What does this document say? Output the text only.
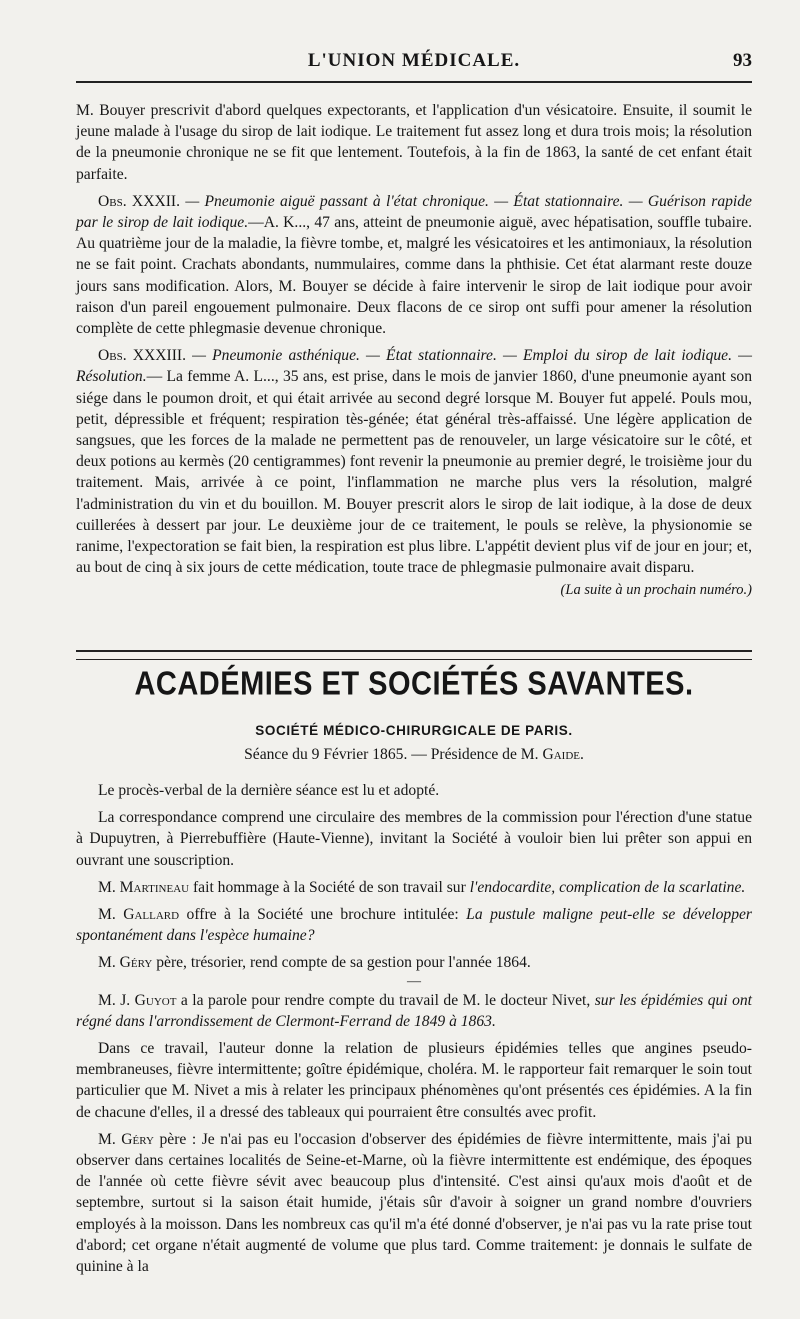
L'UNION MÉDICALE.	93

M. Bouyer prescrivit d'abord quelques expectorants, et l'application d'un vésicatoire. Ensuite, il soumit le jeune malade à l'usage du sirop de lait iodique. Le traitement fut assez long et dura trois mois; la résolution de la pneumonie chronique ne se fit que lentement. Toutefois, à la fin de 1863, la santé de cet enfant était parfaite.

Obs. XXXII. — Pneumonie aiguë passant à l'état chronique. — État stationnaire. — Guérison rapide par le sirop de lait iodique.—A. K..., 47 ans, atteint de pneumonie aiguë, avec hépatisation, souffle tubaire. Au quatrième jour de la maladie, la fièvre tombe, et, malgré les vésicatoires et les antimoniaux, la résolution ne se fait point. Crachats abondants, nummulaires, comme dans la phthisie. Cet état alarmant reste douze jours sans modification. Alors, M. Bouyer se décide à faire intervenir le sirop de lait iodique pour avoir raison d'un pareil engouement pulmonaire. Deux flacons de ce sirop ont suffi pour amener la résolution complète de cette phlegmasie devenue chronique.

Obs. XXXIII. — Pneumonie asthénique. — État stationnaire. — Emploi du sirop de lait iodique. — Résolution.— La femme A. L..., 35 ans, est prise, dans le mois de janvier 1860, d'une pneumonie ayant son siége dans le poumon droit, et qui était arrivée au second degré lorsque M. Bouyer fut appelé. Pouls mou, petit, dépressible et fréquent; respiration tès-génée; état général très-affaissé. Une légère application de sangsues, que les forces de la malade ne permettent pas de renouveler, un large vésicatoire sur le côté, et deux potions au kermès (20 centigrammes) font revenir la pneumonie au premier degré, le troisième jour du traitement. Mais, arrivée à ce point, l'inflammation ne marche plus vers la résolution, malgré l'administration du vin et du bouillon. M. Bouyer prescrit alors le sirop de lait iodique, à la dose de deux cuillerées à dessert par jour. Le deuxième jour de ce traitement, le pouls se relève, la physionomie se ranime, l'expectoration se fait bien, la respiration est plus libre. L'appétit devient plus vif de jour en jour; et, au bout de cinq à six jours de cette médication, toute trace de phlegmasie pulmonaire avait disparu.

(La suite à un prochain numéro.)

ACADÉMIES ET SOCIÉTÉS SAVANTES.
SOCIÉTÉ MÉDICO-CHIRURGICALE DE PARIS.
Séance du 9 Février 1865. — Présidence de M. Gaide.

Le procès-verbal de la dernière séance est lu et adopté.

La correspondance comprend une circulaire des membres de la commission pour l'érection d'une statue à Dupuytren, à Pierrebuffière (Haute-Vienne), invitant la Société à vouloir bien lui prêter son appui en ouvrant une souscription.

M. Martineau fait hommage à la Société de son travail sur l'endocardite, complication de la scarlatine.

M. Gallard offre à la Société une brochure intitulée: La pustule maligne peut-elle se développer spontanément dans l'espèce humaine?

M. Géry père, trésorier, rend compte de sa gestion pour l'année 1864.

—

M. J. Guyot a la parole pour rendre compte du travail de M. le docteur Nivet, sur les épidémies qui ont régné dans l'arrondissement de Clermont-Ferrand de 1849 à 1863.

Dans ce travail, l'auteur donne la relation de plusieurs épidémies telles que angines pseudo-membraneuses, fièvre intermittente; goître épidémique, choléra. M. le rapporteur fait remarquer le soin tout particulier que M. Nivet a mis à relater les principaux phénomènes qu'ont présentés ces épidémies. A la fin de chacune d'elles, il a dressé des tableaux qui pourraient être consultés avec profit.

M. Géry père : Je n'ai pas eu l'occasion d'observer des épidémies de fièvre intermittente, mais j'ai pu observer dans certaines localités de Seine-et-Marne, où la fièvre intermittente est endémique, des époques de l'année où cette fièvre sévit avec beaucoup plus d'intensité. C'est ainsi qu'aux mois d'août et de septembre, surtout si la saison était humide, j'étais sûr d'avoir à soigner un grand nombre d'ouvriers employés à la moisson. Dans les nombreux cas qu'il m'a été donné d'observer, je n'ai pas vu la rate prise tout d'abord; cet organe n'était augmenté de volume que plus tard. Comme traitement: je donnais le sulfate de quinine à la
